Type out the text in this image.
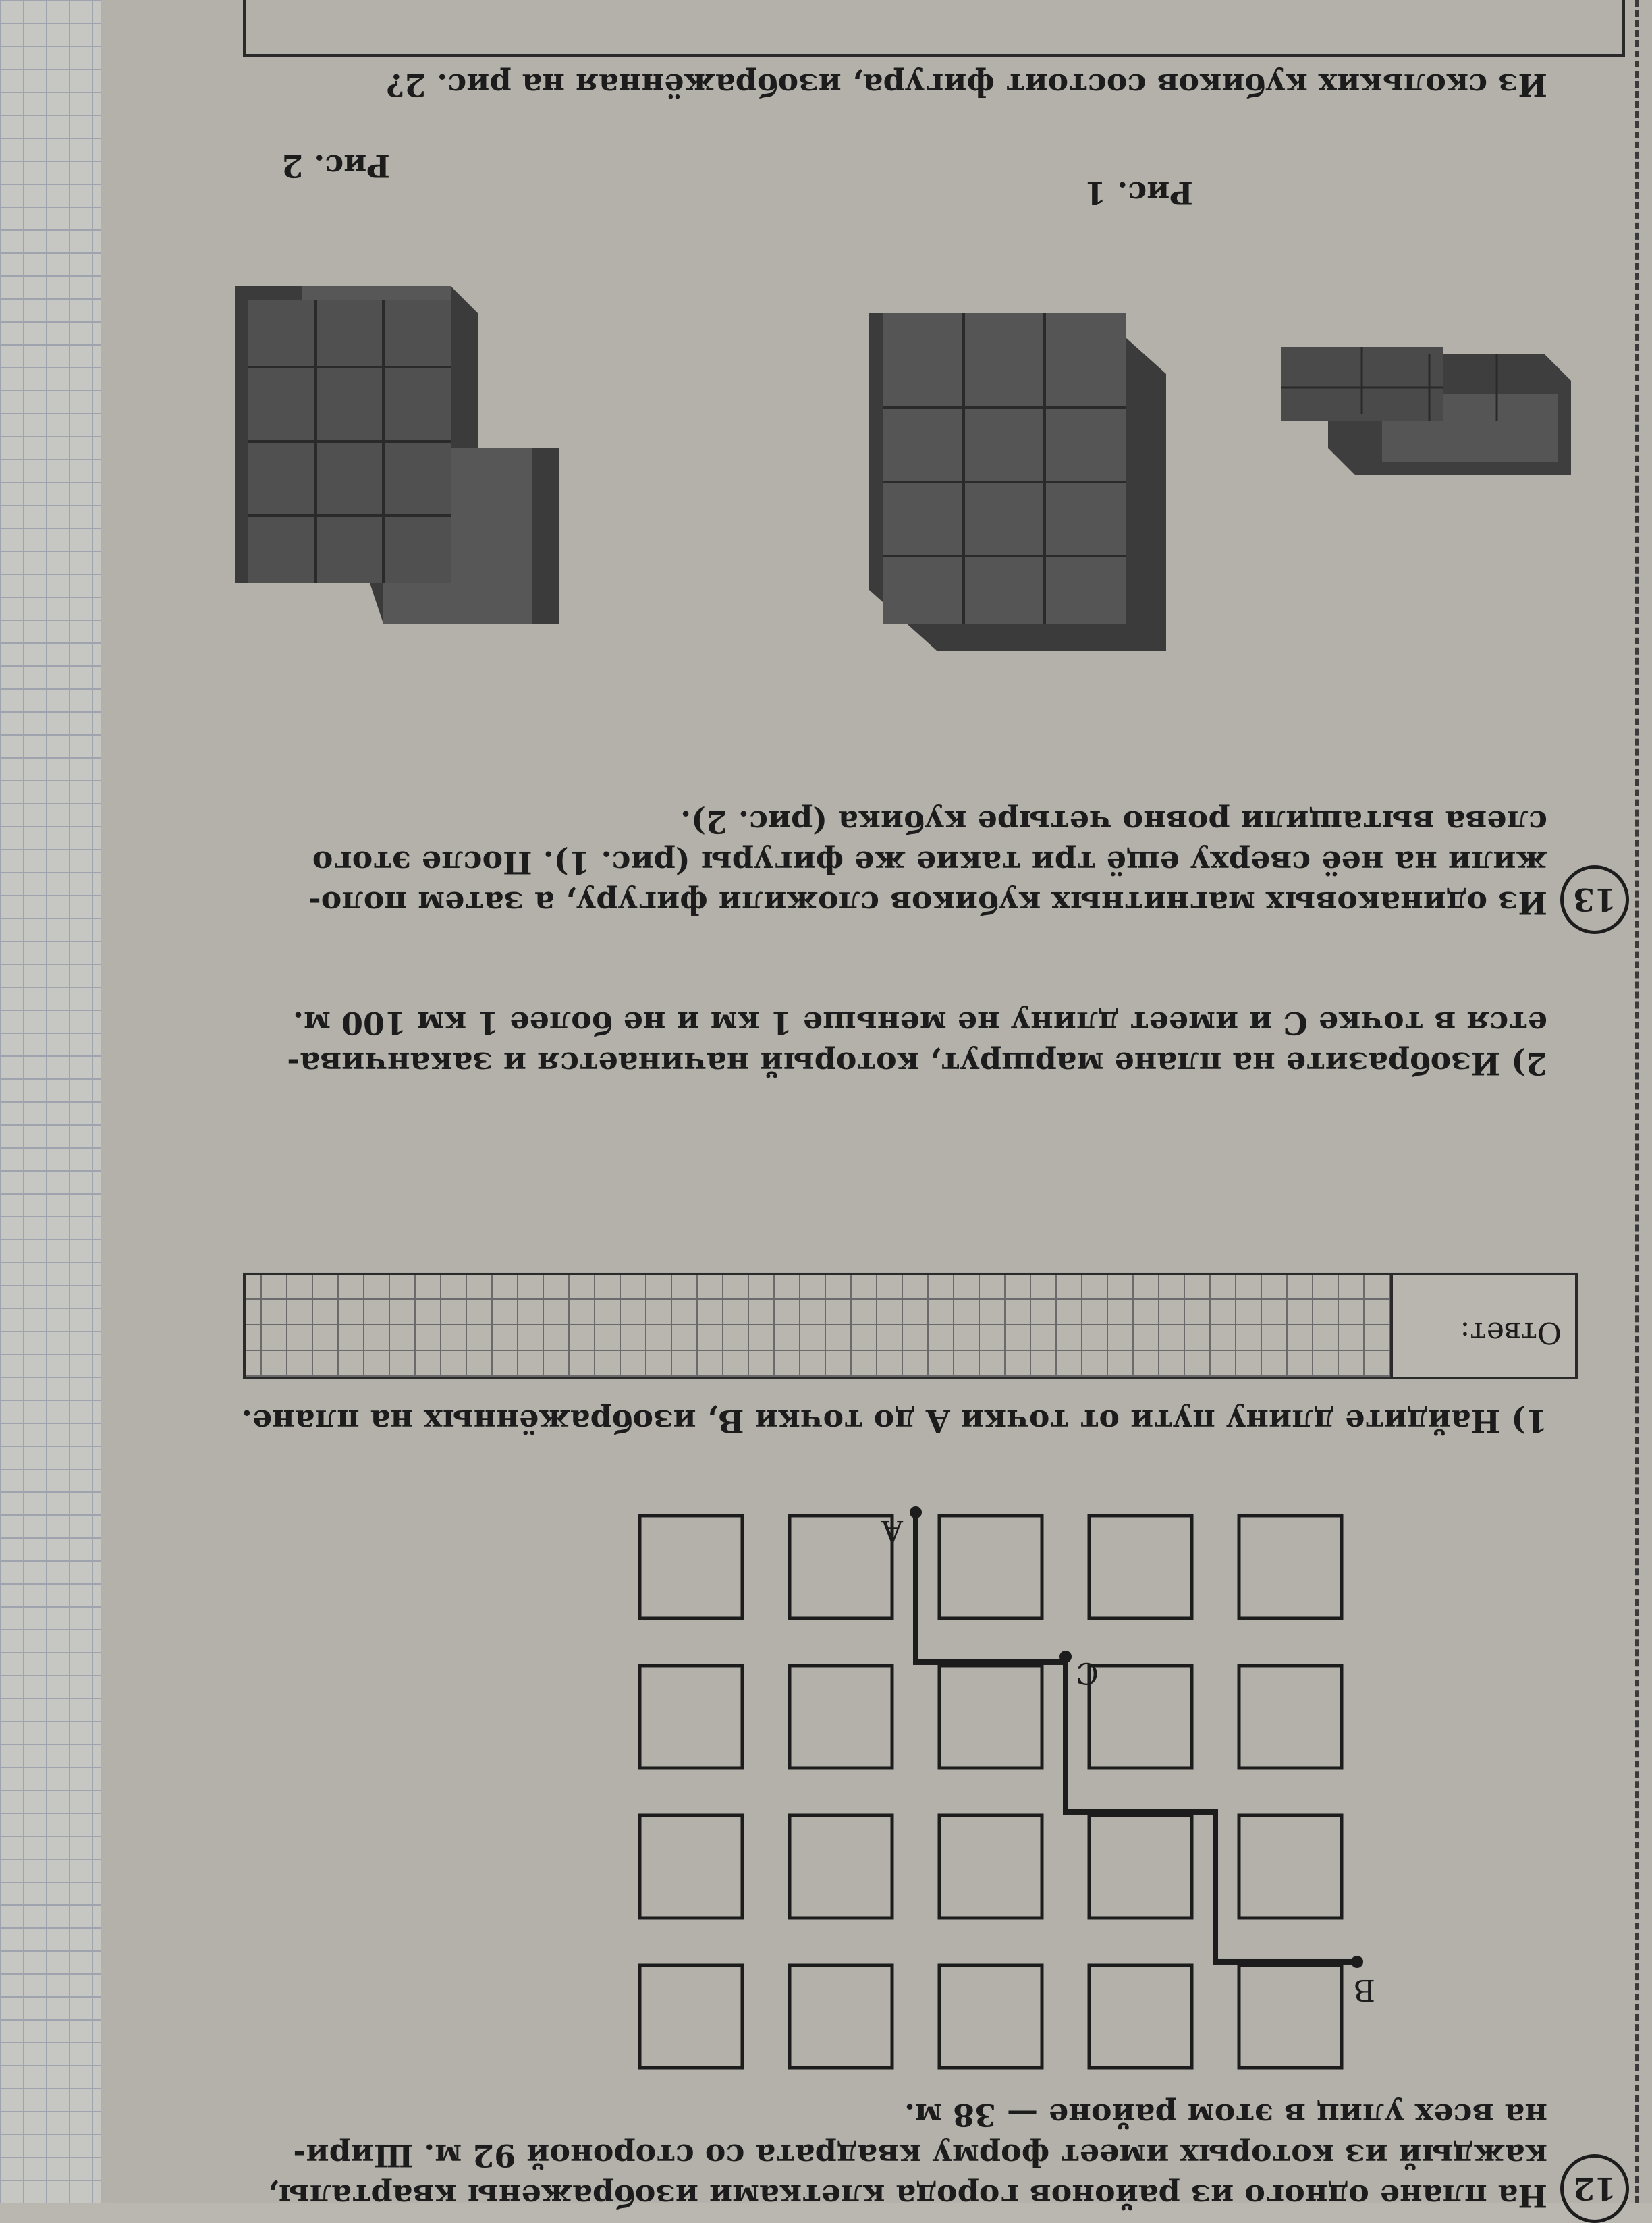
12
На плане одного из районов города клетками изображены кварталы,
каждый из которых имеет форму квадрата со стороной 92 м. Шири-
на всех улиц в этом районе — 38 м.
B
C
A
1) Найдите длину пути от точки A до точки B, изображённых на плане.
Ответ:
2) Изобразите на плане маршрут, который начинается и заканчива-
ется в точке C и имеет длину не меньше 1 км и не более 1 км 100 м.
13
Из одинаковых магнитных кубиков сложили фигуру, а затем поло-
жили на неё сверху ещё три такие же фигуры (рис. 1). После этого
слева вытащили ровно четыре кубика (рис. 2).
Рис. 1
Рис. 2
Из скольких кубиков состоит фигура, изображённая на рис. 2?
